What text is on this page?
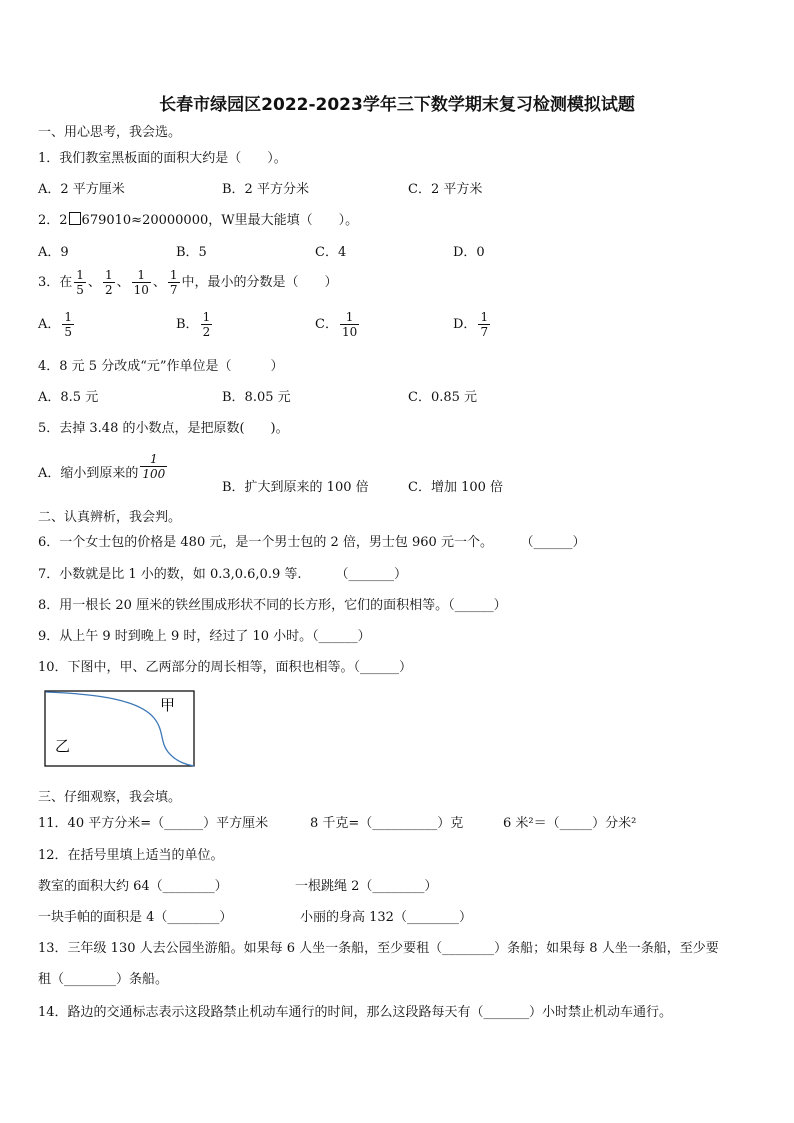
长春市绿园区2022-2023学年三下数学期末复习检测模拟试题
一、用心思考，我会选。
1．我们教室黑板面的面积大约是（　　）。
A．2 平方厘米	B．2 平方分米	C．2 平方米
2．2 679010≈20000000，W里最大能填（　　）。
A．9	B．5	C．4	D．0
3．在 $\frac{1}{5}$ 、 $\frac{1}{2}$ 、 $\frac{1}{10}$ 、 $\frac{1}{7}$ 中，最小的分数是（　　）
A． $\frac{1}{5}$	B． $\frac{1}{2}$	C． $\frac{1}{10}$	D． $\frac{1}{7}$
4．8 元 5 分改成“元”作单位是（　　　）
A．8.5 元	B．8.05 元	C．0.85 元
5．去掉 3.48 的小数点，是把原数(　　)。
A．缩小到原来的 $\frac{1}{100}$
B．扩大到原来的 100 倍	C．增加 100 倍
二、认真辨析，我会判。
6．一个女士包的价格是 480 元，是一个男士包的 2 倍，男士包 960 元一个。	（______）
7．小数就是比 1 小的数，如 0.3,0.6,0.9 等.	（_______）
8．用一根长 20 厘米的铁丝围成形状不同的长方形，它们的面积相等。（______）
9．从上午 9 时到晚上 9 时，经过了 10 小时。（______）
10．下图中，甲、乙两部分的周长相等，面积也相等。（______）
甲
乙
三、仔细观察，我会填。
11．40 平方分米=（______）平方厘米	8 千克=（__________）克	6 米²＝（_____）分米²
12．在括号里填上适当的单位。
教室的面积大约 64（________）	一根跳绳 2（________）
一块手帕的面积是 4（________）	小丽的身高 132（________）
13．三年级 130 人去公园坐游船。如果每 6 人坐一条船，至少要租（________）条船；如果每 8 人坐一条船，至少要
租（________）条船。
14．路边的交通标志表示这段路禁止机动车通行的时间，那么这段路每天有（_______）小时禁止机动车通行。
